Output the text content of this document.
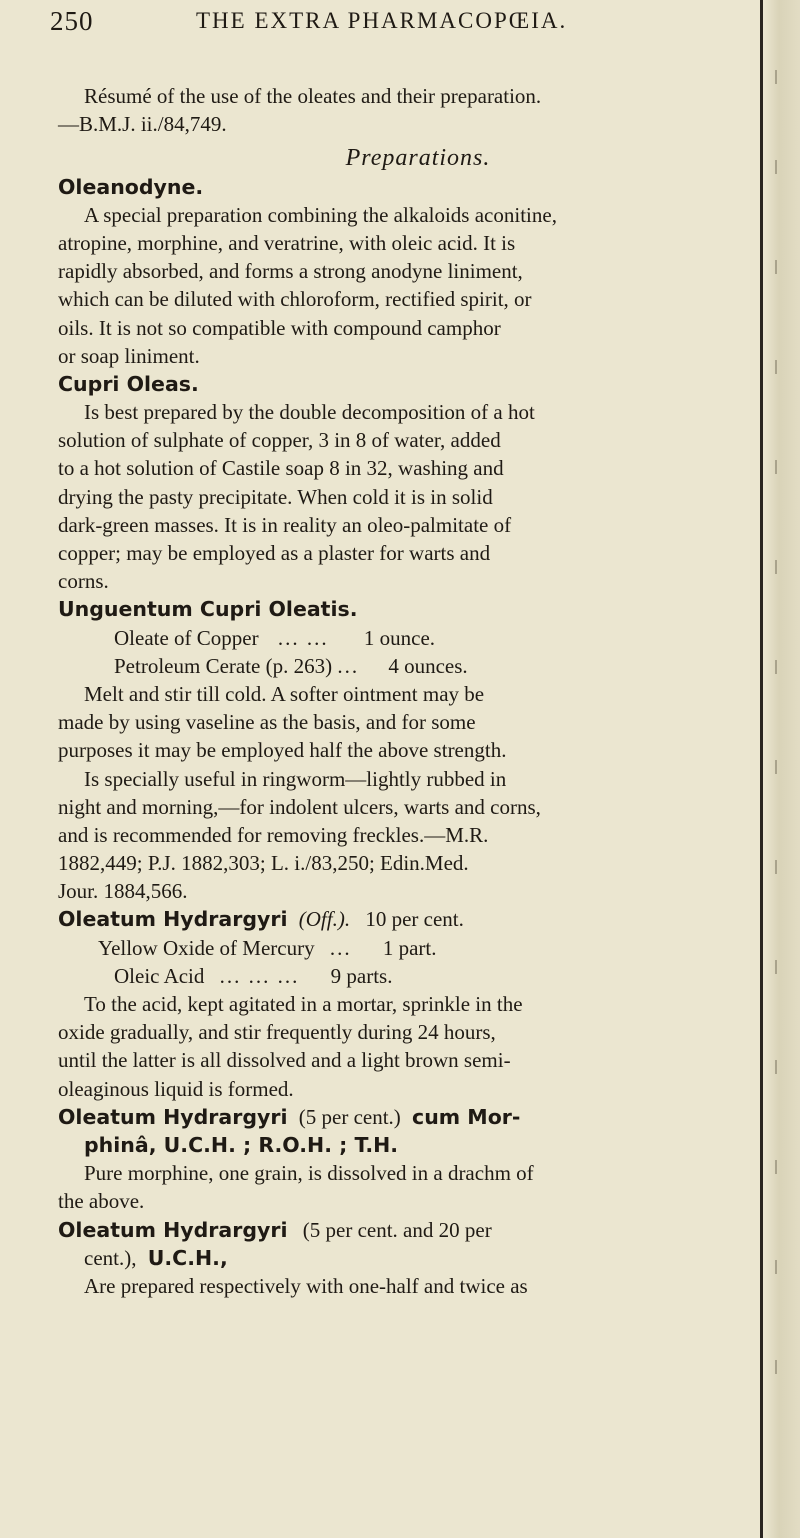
250	THE EXTRA PHARMACOPŒIA.
Résumé of the use of the oleates and their preparation.
—B.M.J. ii./84,749.
Preparations.
Oleanodyne.
A special preparation combining the alkaloids aconitine,
atropine, morphine, and veratrine, with oleic acid. It is
rapidly absorbed, and forms a strong anodyne liniment,
which can be diluted with chloroform, rectified spirit, or
oils. It is not so compatible with compound camphor
or soap liniment.
Cupri Oleas.
Is best prepared by the double decomposition of a hot
solution of sulphate of copper, 3 in 8 of water, added
to a hot solution of Castile soap 8 in 32, washing and
drying the pasty precipitate. When cold it is in solid
dark-green masses. It is in reality an oleo-palmitate of
copper; may be employed as a plaster for warts and
corns.
Unguentum Cupri Oleatis.
Oleate of Copper ... ... 1 ounce.
Petroleum Cerate (p. 263) ... 4 ounces.
Melt and stir till cold. A softer ointment may be
made by using vaseline as the basis, and for some
purposes it may be employed half the above strength.
Is specially useful in ringworm—lightly rubbed in
night and morning,—for indolent ulcers, warts and corns,
and is recommended for removing freckles.—M.R.
1882,449; P.J. 1882,303; L. i./83,250; Edin.Med.
Jour. 1884,566.
Oleatum Hydrargyri (Off.). 10 per cent.
Yellow Oxide of Mercury ... 1 part.
Oleic Acid ... ... ... 9 parts.
To the acid, kept agitated in a mortar, sprinkle in the
oxide gradually, and stir frequently during 24 hours,
until the latter is all dissolved and a light brown semi-
oleaginous liquid is formed.
Oleatum Hydrargyri (5 per cent.) cum Mor-
phinâ, U.C.H. ; R.O.H. ; T.H.
Pure morphine, one grain, is dissolved in a drachm of
the above.
Oleatum Hydrargyri (5 per cent. and 20 per
cent.), U.C.H.,
Are prepared respectively with one-half and twice as
